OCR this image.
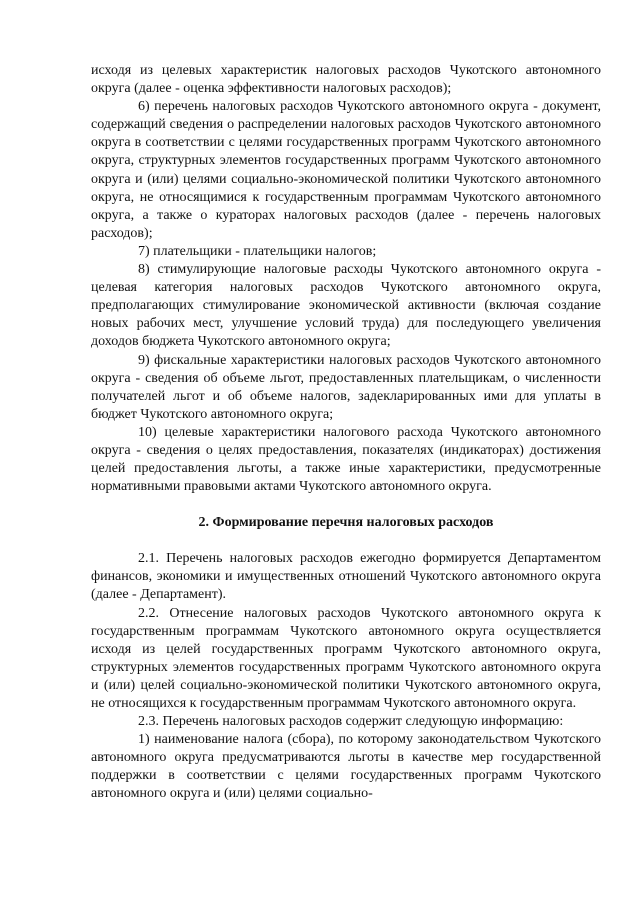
исходя из целевых характеристик налоговых расходов Чукотского автономного округа (далее - оценка эффективности налоговых расходов);

6) перечень налоговых расходов Чукотского автономного округа - документ, содержащий сведения о распределении налоговых расходов Чукотского автономного округа в соответствии с целями государственных программ Чукотского автономного округа, структурных элементов государственных программ Чукотского автономного округа и (или) целями социально-экономической политики Чукотского автономного округа, не относящимися к государственным программам Чукотского автономного округа, а также о кураторах налоговых расходов (далее - перечень налоговых расходов);

7) плательщики - плательщики налогов;

8) стимулирующие налоговые расходы Чукотского автономного округа - целевая категория налоговых расходов Чукотского автономного округа, предполагающих стимулирование экономической активности (включая создание новых рабочих мест, улучшение условий труда) для последующего увеличения доходов бюджета Чукотского автономного округа;

9) фискальные характеристики налоговых расходов Чукотского автономного округа - сведения об объеме льгот, предоставленных плательщикам, о численности получателей льгот и об объеме налогов, задекларированных ими для уплаты в бюджет Чукотского автономного округа;

10) целевые характеристики налогового расхода Чукотского автономного округа - сведения о целях предоставления, показателях (индикаторах) достижения целей предоставления льготы, а также иные характеристики, предусмотренные нормативными правовыми актами Чукотского автономного округа.

2. Формирование перечня налоговых расходов

2.1. Перечень налоговых расходов ежегодно формируется Департаментом финансов, экономики и имущественных отношений Чукотского автономного округа (далее - Департамент).

2.2. Отнесение налоговых расходов Чукотского автономного округа к государственным программам Чукотского автономного округа осуществляется исходя из целей государственных программ Чукотского автономного округа, структурных элементов государственных программ Чукотского автономного округа и (или) целей социально-экономической политики Чукотского автономного округа, не относящихся к государственным программам Чукотского автономного округа.

2.3. Перечень налоговых расходов содержит следующую информацию:

1) наименование налога (сбора), по которому законодательством Чукотского автономного округа предусматриваются льготы в качестве мер государственной поддержки в соответствии с целями государственных программ Чукотского автономного округа и (или) целями социально-
